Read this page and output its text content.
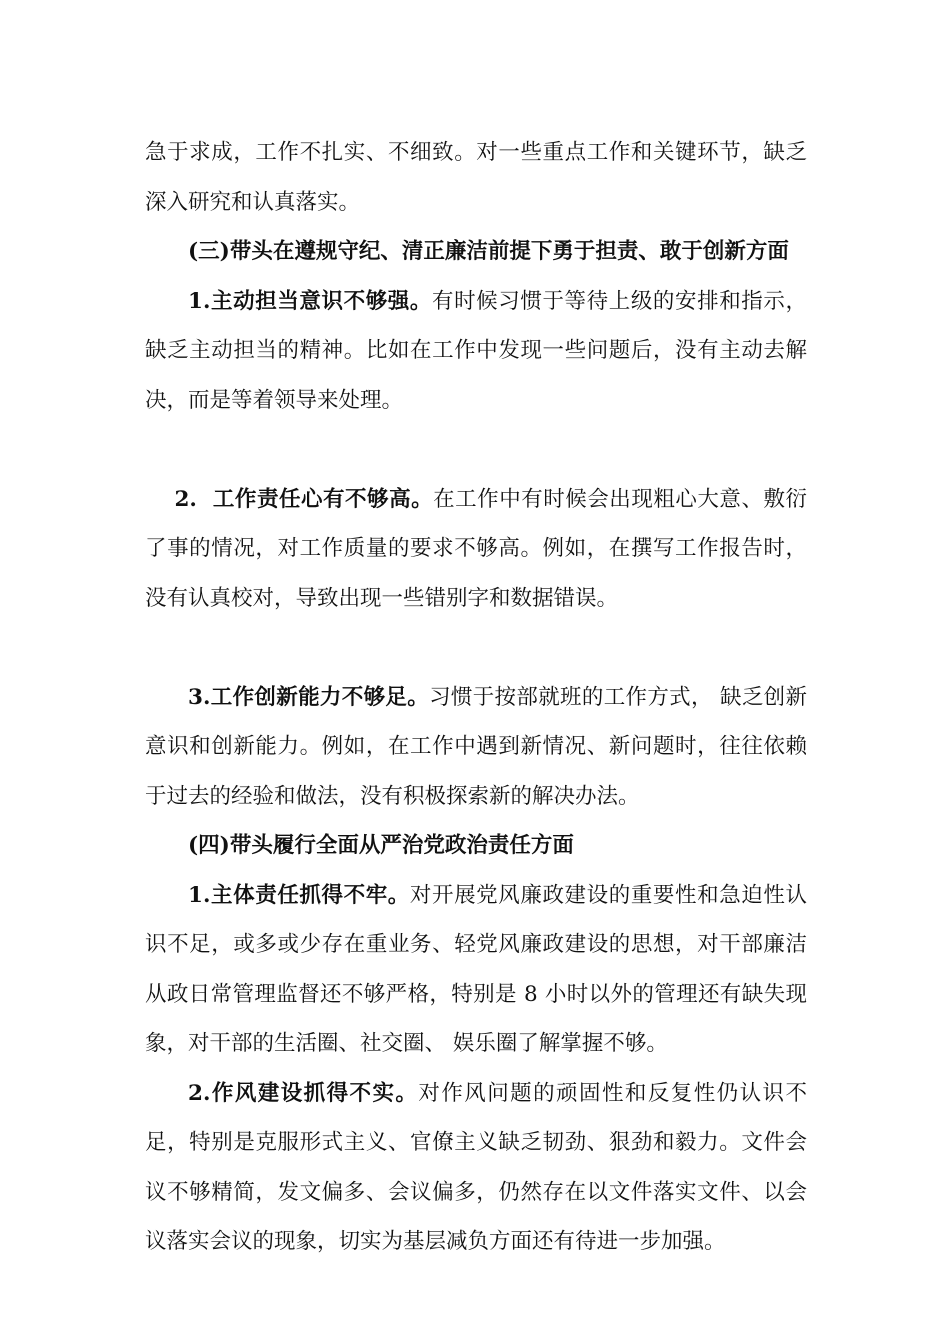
急于求成，工作不扎实、不细致。对一些重点工作和关键环节，缺乏深入研究和认真落实。

(三)带头在遵规守纪、清正廉洁前提下勇于担责、敢于创新方面

1.主动担当意识不够强。有时候习惯于等待上级的安排和指示，缺乏主动担当的精神。比如在工作中发现一些问题后，没有主动去解决，而是等着领导来处理。

2.  工作责任心有不够高。在工作中有时候会出现粗心大意、敷衍了事的情况，对工作质量的要求不够高。例如，在撰写工作报告时，没有认真校对，导致出现一些错别字和数据错误。

3.工作创新能力不够足。习惯于按部就班的工作方式， 缺乏创新意识和创新能力。例如，在工作中遇到新情况、新问题时，往往依赖于过去的经验和做法，没有积极探索新的解决办法。

(四)带头履行全面从严治党政治责任方面

1.主体责任抓得不牢。对开展党风廉政建设的重要性和急迫性认识不足，或多或少存在重业务、轻党风廉政建设的思想，对干部廉洁从政日常管理监督还不够严格，特别是 8 小时以外的管理还有缺失现象，对干部的生活圈、社交圈、 娱乐圈了解掌握不够。

2.作风建设抓得不实。对作风问题的顽固性和反复性仍认识不足，特别是克服形式主义、官僚主义缺乏韧劲、狠劲和毅力。文件会议不够精简，发文偏多、会议偏多，仍然存在以文件落实文件、以会议落实会议的现象，切实为基层减负方面还有待进一步加强。
